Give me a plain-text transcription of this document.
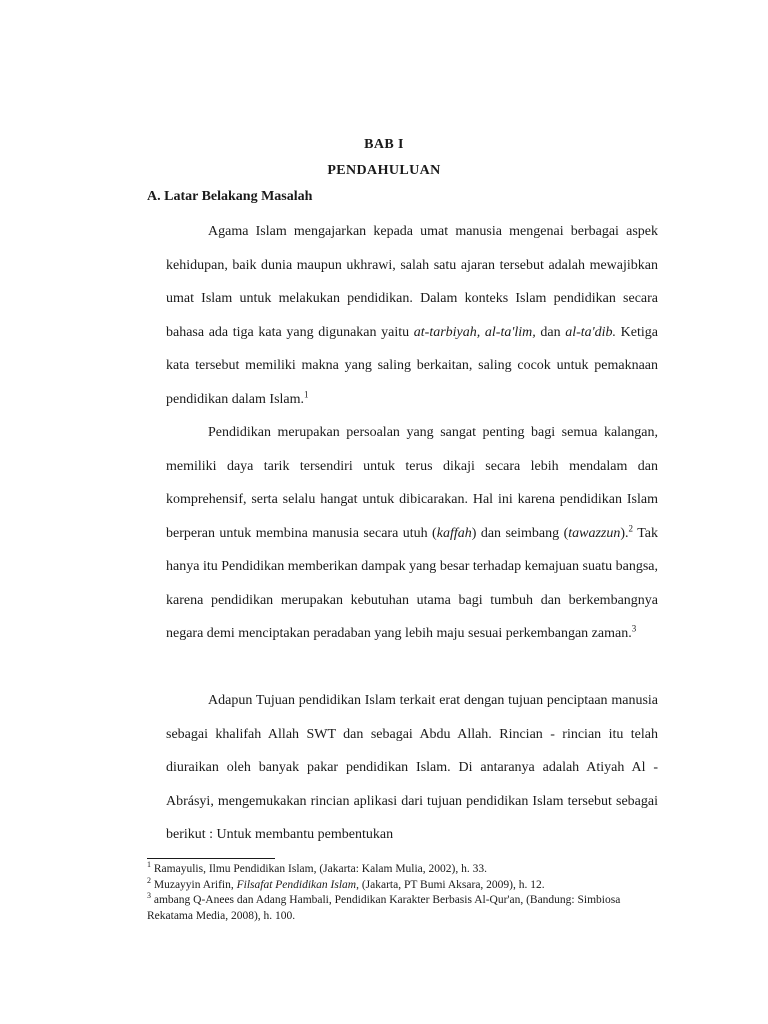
BAB I
PENDAHULUAN
A. Latar Belakang Masalah

Agama Islam mengajarkan kepada umat manusia mengenai berbagai aspek kehidupan, baik dunia maupun ukhrawi, salah satu ajaran tersebut adalah mewajibkan umat Islam untuk melakukan pendidikan. Dalam konteks Islam pendidikan secara bahasa ada tiga kata yang digunakan yaitu at-tarbiyah, al-ta'lim, dan al-ta'dib. Ketiga kata tersebut memiliki makna yang saling berkaitan, saling cocok untuk pemaknaan pendidikan dalam Islam.$^1$

Pendidikan merupakan persoalan yang sangat penting bagi semua kalangan, memiliki daya tarik tersendiri untuk terus dikaji secara lebih mendalam dan komprehensif, serta selalu hangat untuk dibicarakan. Hal ini karena pendidikan Islam berperan untuk membina manusia secara utuh (kaffah) dan seimbang (tawazzun).$^2$ Tak hanya itu Pendidikan memberikan dampak yang besar terhadap kemajuan suatu bangsa, karena pendidikan merupakan kebutuhan utama bagi tumbuh dan berkembangnya negara demi menciptakan peradaban yang lebih maju sesuai perkembangan zaman.$^3$

Adapun Tujuan pendidikan Islam terkait erat dengan tujuan penciptaan manusia sebagai khalifah Allah SWT dan sebagai Abdu Allah. Rincian - rincian itu telah diuraikan oleh banyak pakar pendidikan Islam. Di antaranya adalah Atiyah Al - Abrásyi, mengemukakan rincian aplikasi dari tujuan pendidikan Islam tersebut sebagai berikut : Untuk membantu pembentukan

$^1$ Ramayulis, Ilmu Pendidikan Islam, (Jakarta: Kalam Mulia, 2002), h. 33.

$^2$ Muzayyin Arifin, Filsafat Pendidikan Islam, (Jakarta, PT Bumi Aksara, 2009), h. 12.

$^3$ ambang Q-Anees dan Adang Hambali, Pendidikan Karakter Berbasis Al-Qur'an, (Bandung: Simbiosa Rekatama Media, 2008), h. 100.
